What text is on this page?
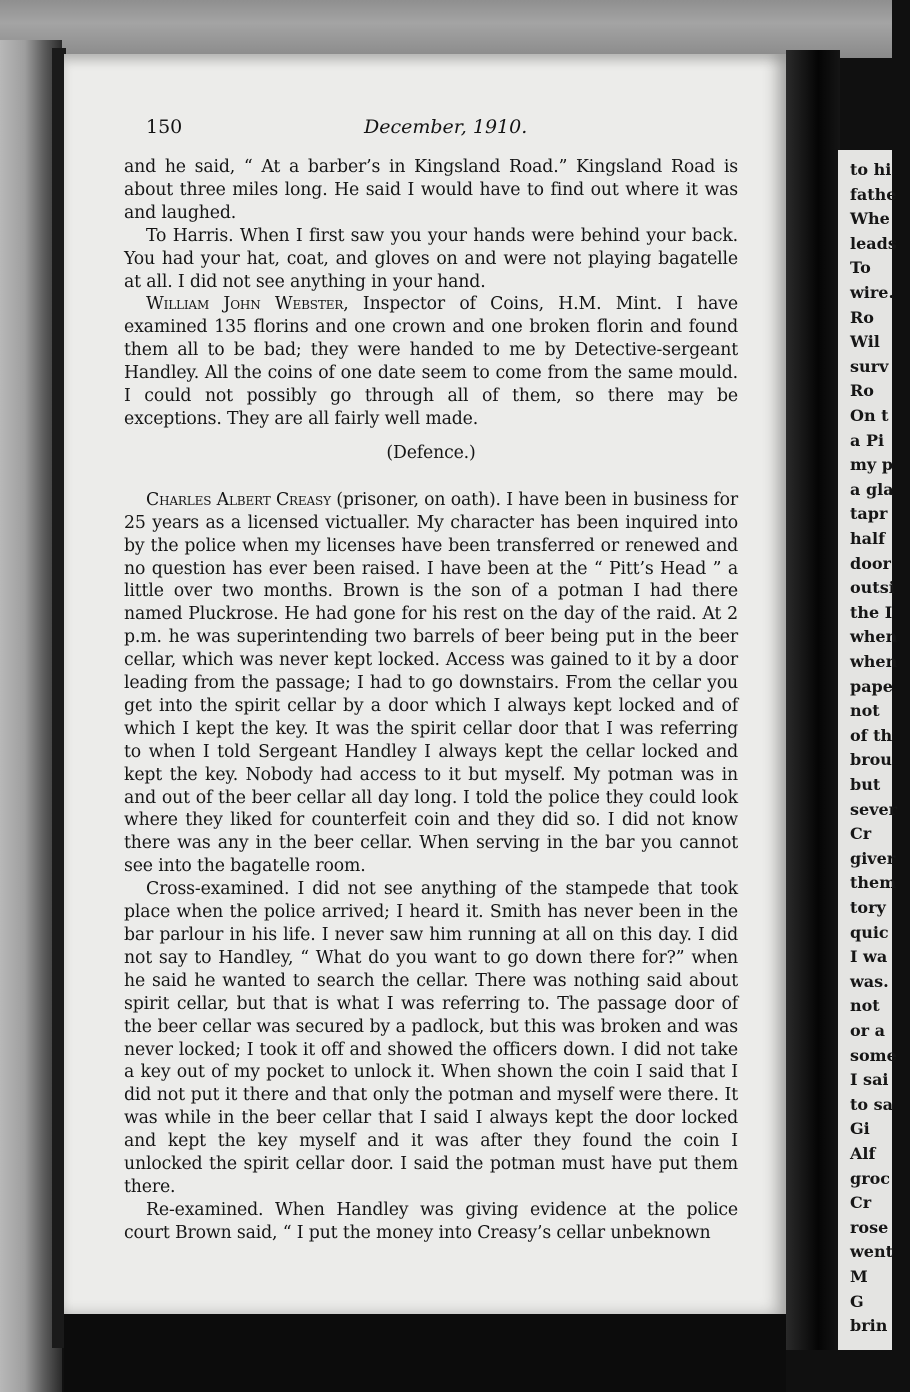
150	December, 1910.

and he said, “ At a barber’s in Kingsland Road.” Kingsland Road is about three miles long. He said I would have to find out where it was and laughed.

To Harris. When I first saw you your hands were behind your back. You had your hat, coat, and gloves on and were not playing bagatelle at all. I did not see anything in your hand.

William John Webster, Inspector of Coins, H.M. Mint. I have examined 135 florins and one crown and one broken florin and found them all to be bad; they were handed to me by Detective-sergeant Handley. All the coins of one date seem to come from the same mould. I could not possibly go through all of them, so there may be exceptions. They are all fairly well made.

(Defence.)

Charles Albert Creasy (prisoner, on oath). I have been in business for 25 years as a licensed victualler. My character has been inquired into by the police when my licenses have been transferred or renewed and no question has ever been raised. I have been at the “ Pitt’s Head ” a little over two months. Brown is the son of a potman I had there named Pluckrose. He had gone for his rest on the day of the raid. At 2 p.m. he was superintending two barrels of beer being put in the beer cellar, which was never kept locked. Access was gained to it by a door leading from the passage; I had to go downstairs. From the cellar you get into the spirit cellar by a door which I always kept locked and of which I kept the key. It was the spirit cellar door that I was referring to when I told Sergeant Handley I always kept the cellar locked and kept the key. Nobody had access to it but myself. My potman was in and out of the beer cellar all day long. I told the police they could look where they liked for counterfeit coin and they did so. I did not know there was any in the beer cellar. When serving in the bar you cannot see into the bagatelle room.

Cross-examined. I did not see anything of the stampede that took place when the police arrived; I heard it. Smith has never been in the bar parlour in his life. I never saw him running at all on this day. I did not say to Handley, “ What do you want to go down there for?” when he said he wanted to search the cellar. There was nothing said about spirit cellar, but that is what I was referring to. The passage door of the beer cellar was secured by a padlock, but this was broken and was never locked; I took it off and showed the officers down. I did not take a key out of my pocket to unlock it. When shown the coin I said that I did not put it there and that only the potman and myself were there. It was while in the beer cellar that I said I always kept the door locked and kept the key myself and it was after they found the coin I unlocked the spirit cellar door. I said the potman must have put them there.

Re-examined. When Handley was giving evidence at the police court Brown said, “ I put the money into Creasy’s cellar unbeknown

to hi
fathe
Whe
leads
To
wire.
Ro
Wil
surv
Ro
On t
a Pi
my p
a gla
tapr
half
door
outsi
the I
when
when
pape
not
of th
brou
but
sever
Cr
giver
them
tory
quic
I wa
was.
not
or a
some
I sai
to sa
Gi
Alf
groc
Cr
rose
went
M
G
brin
